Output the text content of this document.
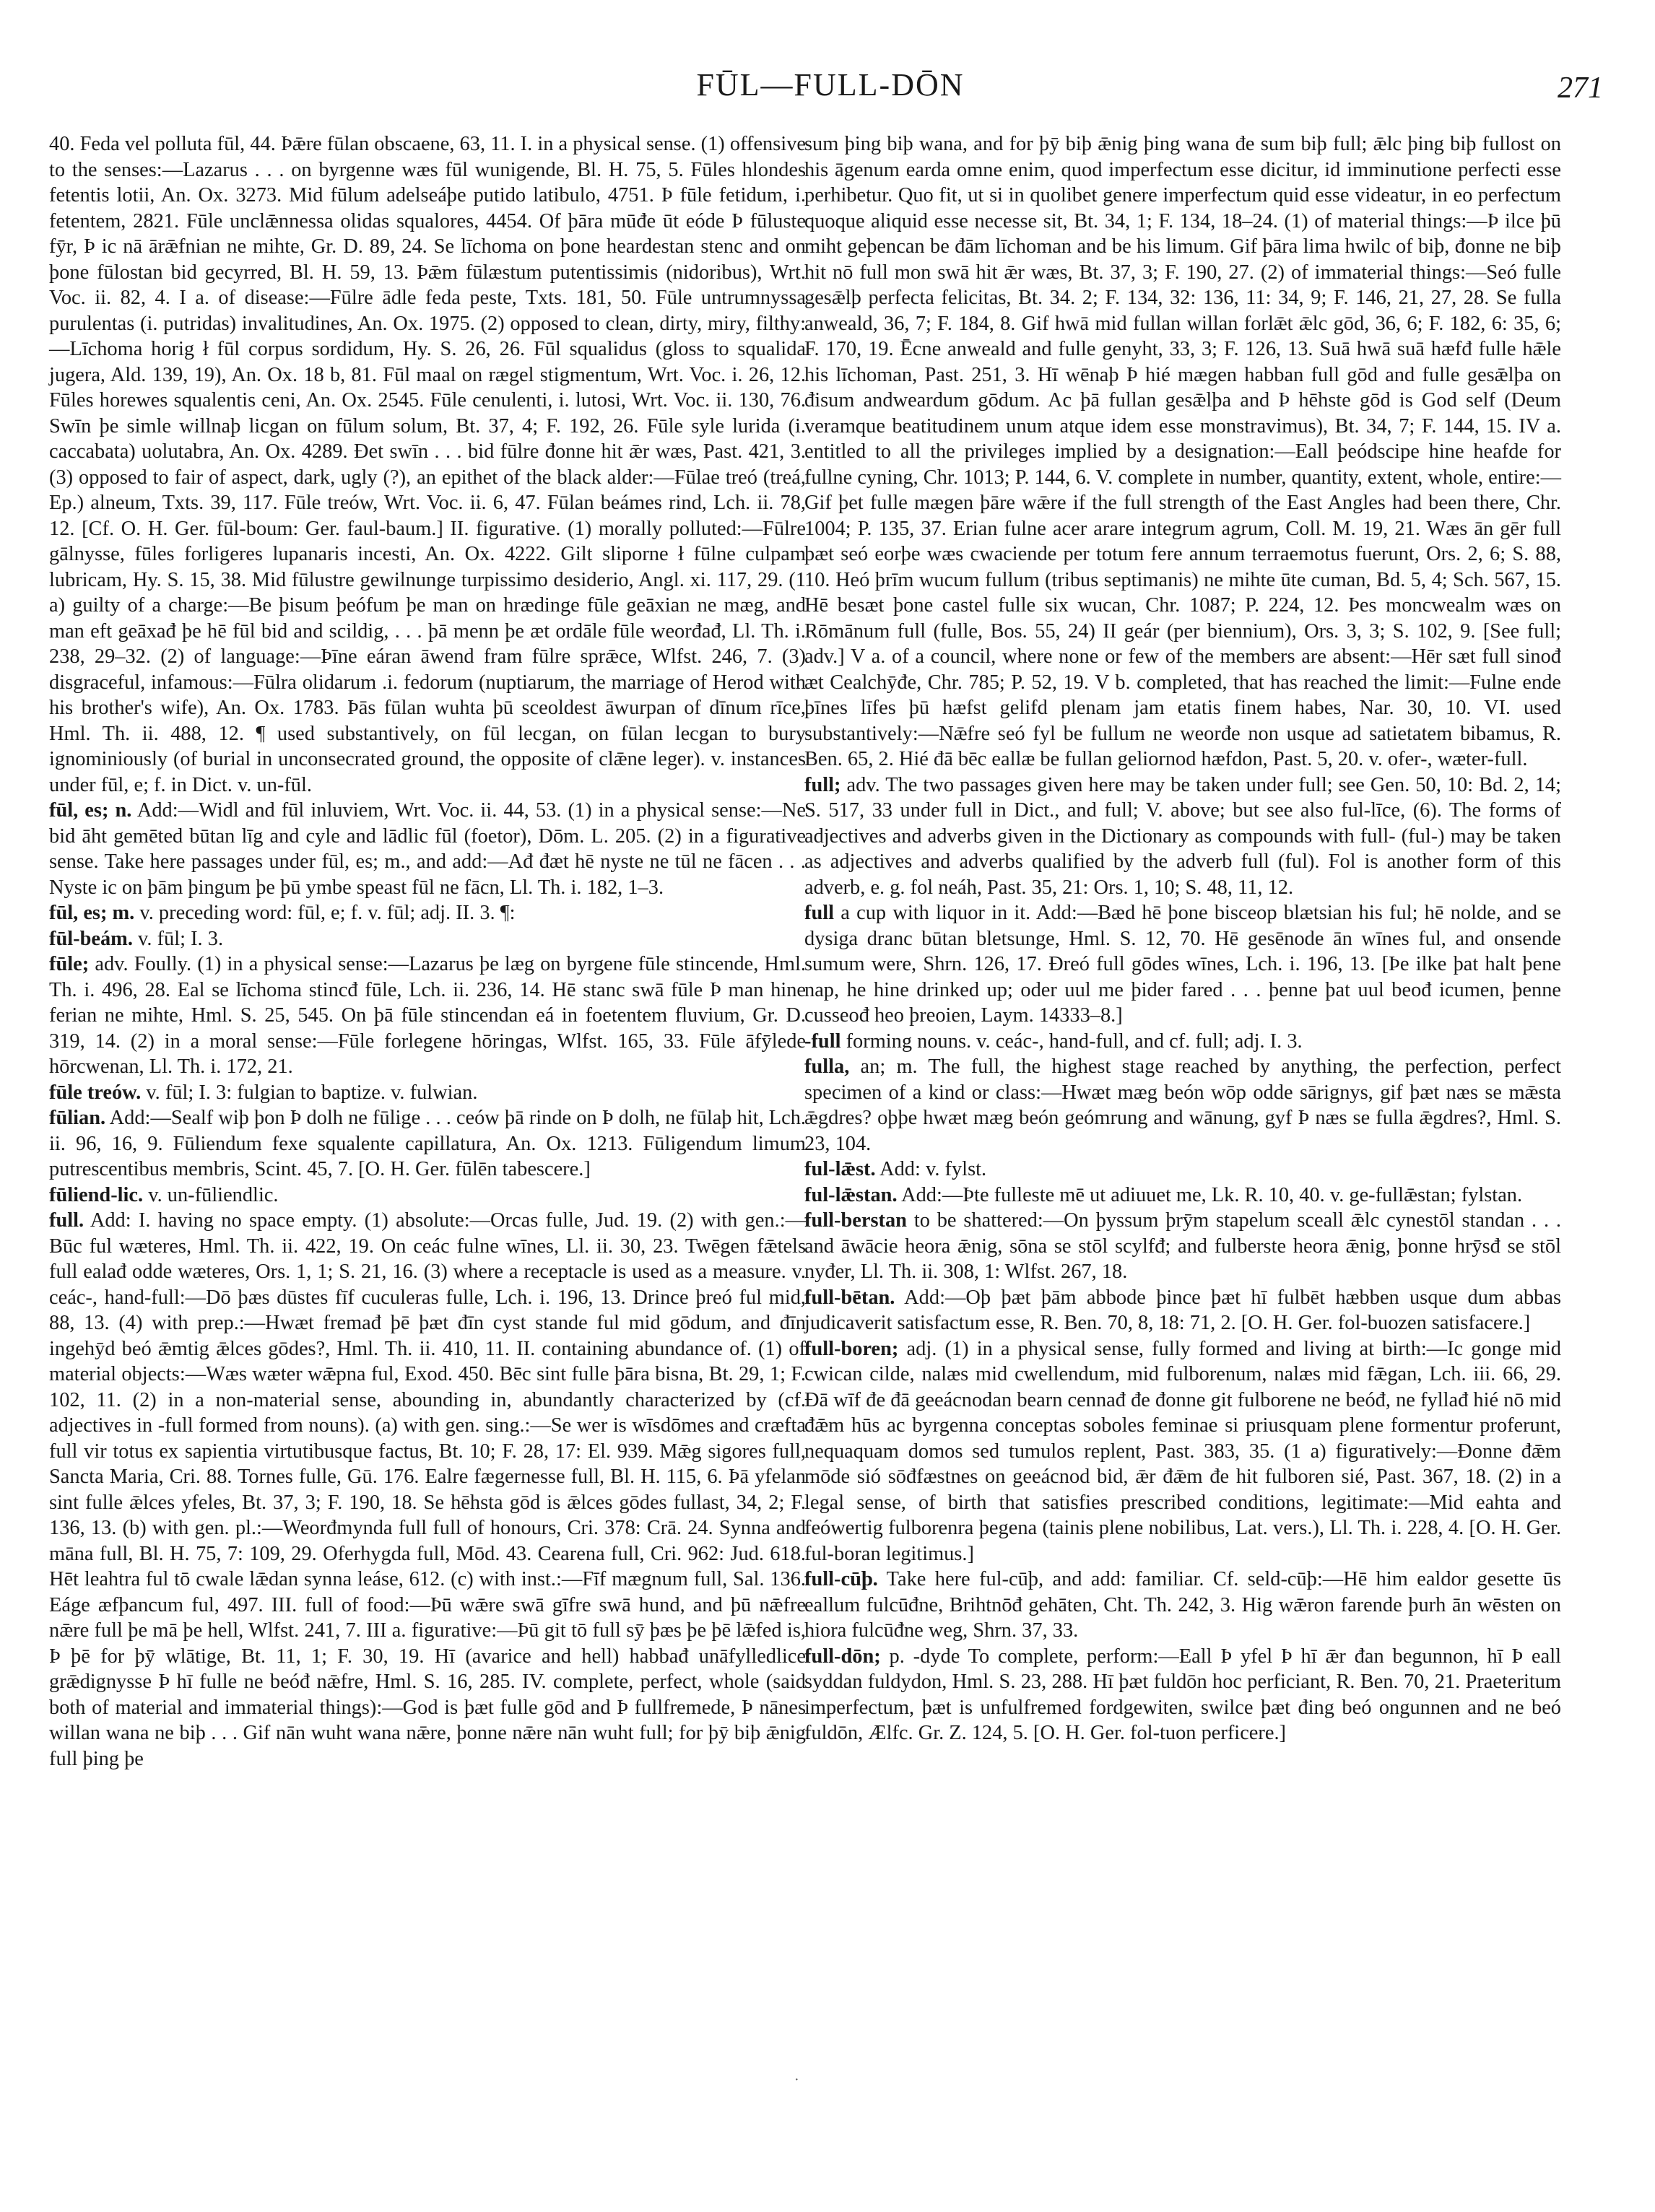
FŪL—FULL-DŌN	271

40. Feda vel polluta fūl, 44. Þǣre fūlan obscaene, 63, 11. I. in a physical sense. (1) offensive to the senses:—Lazarus . . . on byrgenne wæs fūl wunigende, Bl. H. 75, 5. Fūles hlondes fetentis lotii, An. Ox. 3273. Mid fūlum adelseáþe putido latibulo, 4751. Þ fūle fetidum, i. fetentem, 2821. Fūle unclǣnnessa olidas squalores, 4454. Of þāra mūđe ūt eóde Þ fūluste fȳr, Þ ic nā ārǣfnian ne mihte, Gr. D. 89, 24. Se līchoma on þone heardestan stenc and on þone fūlostan bid gecyrred, Bl. H. 59, 13. Þǣm fūlæstum putentissimis (nidoribus), Wrt. Voc. ii. 82, 4. I a. of disease:—Fūlre ādle feda peste, Txts. 181, 50. Fūle untrumnyssa purulentas (i. putridas) invalitudines, An. Ox. 1975. (2) opposed to clean, dirty, miry, filthy:—Līchoma horig ł fūl corpus sordidum, Hy. S. 26, 26. Fūl squalidus (gloss to squalida jugera, Ald. 139, 19), An. Ox. 18 b, 81. Fūl maal on rægel stigmentum, Wrt. Voc. i. 26, 12. Fūles horewes squalentis ceni, An. Ox. 2545. Fūle cenulenti, i. lutosi, Wrt. Voc. ii. 130, 76. Swīn þe simle willnaþ licgan on fūlum solum, Bt. 37, 4; F. 192, 26. Fūle syle lurida (i. caccabata) uolutabra, An. Ox. 4289. Đet swīn . . . bid fūlre đonne hit ǣr wæs, Past. 421, 3. (3) opposed to fair of aspect, dark, ugly (?), an epithet of the black alder:—Fūlae treó (treá, Ep.) alneum, Txts. 39, 117. Fūle treów, Wrt. Voc. ii. 6, 47. Fūlan beámes rind, Lch. ii. 78, 12. [Cf. O. H. Ger. fūl-boum: Ger. faul-baum.] II. figurative. (1) morally polluted:—Fūlre gālnysse, fūles forligeres lupanaris incesti, An. Ox. 4222. Gilt sliporne ł fūlne culpam lubricam, Hy. S. 15, 38. Mid fūlustre gewilnunge turpissimo desiderio, Angl. xi. 117, 29. (1 a) guilty of a charge:—Be þisum þeófum þe man on hrædinge fūle geāxian ne mæg, and man eft geāxađ þe hē fūl bid and scildig, . . . þā menn þe æt ordāle fūle weorđađ, Ll. Th. i. 238, 29–32. (2) of language:—Þīne eáran āwend fram fūlre sprǣce, Wlfst. 246, 7. (3) disgraceful, infamous:—Fūlra olidarum .i. fedorum (nuptiarum, the marriage of Herod with his brother's wife), An. Ox. 1783. Þās fūlan wuhta þū sceoldest āwurpan of dīnum rīce, Hml. Th. ii. 488, 12. ¶ used substantively, on fūl lecgan, on fūlan lecgan to bury ignominiously (of burial in unconsecrated ground, the opposite of clǣne leger). v. instances under fūl, e; f. in Dict. v. un-fūl.

fūl, es; n. Add:—Widl and fūl inluviem, Wrt. Voc. ii. 44, 53. (1) in a physical sense:—Ne bid āht gemēted būtan līg and cyle and lādlic fūl (foetor), Dōm. L. 205. (2) in a figurative sense. Take here passages under fūl, es; m., and add:—Ađ đæt hē nyste ne tūl ne fācen . . . Nyste ic on þām þingum þe þū ymbe speast fūl ne fācn, Ll. Th. i. 182, 1–3.

fūl, es; m. v. preceding word: fūl, e; f. v. fūl; adj. II. 3. ¶:

fūl-beám. v. fūl; I. 3.

fūle; adv. Foully. (1) in a physical sense:—Lazarus þe læg on byrgene fūle stincende, Hml. Th. i. 496, 28. Eal se līchoma stincđ fūle, Lch. ii. 236, 14. Hē stanc swā fūle Þ man hine ferian ne mihte, Hml. S. 25, 545. On þā fūle stincendan eá in foetentem fluvium, Gr. D. 319, 14. (2) in a moral sense:—Fūle forlegene hōringas, Wlfst. 165, 33. Fūle āfȳlede hōrcwenan, Ll. Th. i. 172, 21.

fūle treów. v. fūl; I. 3: fulgian to baptize. v. fulwian.

fūlian. Add:—Sealf wiþ þon Þ dolh ne fūlige . . . ceów þā rinde on Þ dolh, ne fūlaþ hit, Lch. ii. 96, 16, 9. Fūliendum fexe squalente capillatura, An. Ox. 1213. Fūligendum limum putrescentibus membris, Scint. 45, 7. [O. H. Ger. fūlēn tabescere.]

fūliend-lic. v. un-fūliendlic.

full. Add: I. having no space empty. (1) absolute:—Orcas fulle, Jud. 19. (2) with gen.:—Būc ful wæteres, Hml. Th. ii. 422, 19. On ceác fulne wīnes, Ll. ii. 30, 23. Twēgen fǣtels full ealađ odde wæteres, Ors. 1, 1; S. 21, 16. (3) where a receptacle is used as a measure. v. ceác-, hand-full:—Dō þæs dūstes fīf cuculeras fulle, Lch. i. 196, 13. Drince þreó ful mid, 88, 13. (4) with prep.:—Hwæt fremađ þē þæt đīn cyst stande ful mid gōdum, and đīn ingehȳd beó ǣmtig ǣlces gōdes?, Hml. Th. ii. 410, 11. II. containing abundance of. (1) of material objects:—Wæs wæter wǣpna ful, Exod. 450. Bēc sint fulle þāra bisna, Bt. 29, 1; F. 102, 11. (2) in a non-material sense, abounding in, abundantly characterized by (cf. adjectives in -full formed from nouns). (a) with gen. sing.:—Se wer is wīsdōmes and cræfta full vir totus ex sapientia virtutibusque factus, Bt. 10; F. 28, 17: El. 939. Mǣg sigores full, Sancta Maria, Cri. 88. Tornes fulle, Gū. 176. Ealre fægernesse full, Bl. H. 115, 6. Þā yfelan sint fulle ǣlces yfeles, Bt. 37, 3; F. 190, 18. Se hēhsta gōd is ǣlces gōdes fullast, 34, 2; F. 136, 13. (b) with gen. pl.:—Weorđmynda full full of honours, Cri. 378: Crā. 24. Synna and māna full, Bl. H. 75, 7: 109, 29. Oferhygda full, Mōd. 43. Cearena full, Cri. 962: Jud. 618. Hēt leahtra ful tō cwale lǣdan synna leáse, 612. (c) with inst.:—Fīf mægnum full, Sal. 136. Eáge æfþancum ful, 497. III. full of food:—Þū wǣre swā gīfre swā hund, and þū nǣfre nǣre full þe mā þe hell, Wlfst. 241, 7. III a. figurative:—Þū git tō full sȳ þæs þe þē lǣfed is, Þ þē for þȳ wlātige, Bt. 11, 1; F. 30, 19. Hī (avarice and hell) habbađ unāfylledlice grǣdignysse Þ hī fulle ne beóđ nǣfre, Hml. S. 16, 285. IV. complete, perfect, whole (said both of material and immaterial things):—God is þæt fulle gōd and Þ fullfremede, Þ nānes willan wana ne biþ . . . Gif nān wuht wana nǣre, þonne nǣre nān wuht full; for þȳ biþ ǣnig full þing þe

sum þing biþ wana, and for þȳ biþ ǣnig þing wana đe sum biþ full; ǣlc þing biþ fullost on his āgenum earda omne enim, quod imperfectum esse dicitur, id imminutione perfecti esse perhibetur. Quo fit, ut si in quolibet genere imperfectum quid esse videatur, in eo perfectum quoque aliquid esse necesse sit, Bt. 34, 1; F. 134, 18–24. (1) of material things:—Þ ilce þū miht geþencan be đām līchoman and be his limum. Gif þāra lima hwilc of biþ, đonne ne biþ hit nō full mon swā hit ǣr wæs, Bt. 37, 3; F. 190, 27. (2) of immaterial things:—Seó fulle gesǣlþ perfecta felicitas, Bt. 34. 2; F. 134, 32: 136, 11: 34, 9; F. 146, 21, 27, 28. Se fulla anweald, 36, 7; F. 184, 8. Gif hwā mid fullan willan forlǣt ǣlc gōd, 36, 6; F. 182, 6: 35, 6; F. 170, 19. Ēcne anweald and fulle genyht, 33, 3; F. 126, 13. Suā hwā suā hæfđ fulle hǣle his līchoman, Past. 251, 3. Hī wēnaþ Þ hié mægen habban full gōd and fulle gesǣlþa on đisum andweardum gōdum. Ac þā fullan gesǣlþa and Þ hēhste gōd is God self (Deum veramque beatitudinem unum atque idem esse monstravimus), Bt. 34, 7; F. 144, 15. IV a. entitled to all the privileges implied by a designation:—Eall þeódscipe hine heafde for fullne cyning, Chr. 1013; P. 144, 6. V. complete in number, quantity, extent, whole, entire:—Gif þet fulle mægen þāre wǣre if the full strength of the East Angles had been there, Chr. 1004; P. 135, 37. Erian fulne acer arare integrum agrum, Coll. M. 19, 21. Wæs ān gēr full þæt seó eorþe wæs cwaciende per totum fere annum terraemotus fuerunt, Ors. 2, 6; S. 88, 10. Heó þrīm wucum fullum (tribus septimanis) ne mihte ūte cuman, Bd. 5, 4; Sch. 567, 15. Hē besæt þone castel fulle six wucan, Chr. 1087; P. 224, 12. Þes moncwealm wæs on Rōmānum full (fulle, Bos. 55, 24) II geár (per biennium), Ors. 3, 3; S. 102, 9. [See full; adv.] V a. of a council, where none or few of the members are absent:—Hēr sæt full sinođ æt Cealchȳđe, Chr. 785; P. 52, 19. V b. completed, that has reached the limit:—Fulne ende þīnes līfes þū hæfst gelifd plenam jam etatis finem habes, Nar. 30, 10. VI. used substantively:—Nǣfre seó fyl be fullum ne weorđe non usque ad satietatem bibamus, R. Ben. 65, 2. Hié đā bēc eallæ be fullan geliornod hæfdon, Past. 5, 20. v. ofer-, wæter-full.

full; adv. The two passages given here may be taken under full; see Gen. 50, 10: Bd. 2, 14; S. 517, 33 under full in Dict., and full; V. above; but see also ful-līce, (6). The forms of adjectives and adverbs given in the Dictionary as compounds with full- (ful-) may be taken as adjectives and adverbs qualified by the adverb full (ful). Fol is another form of this adverb, e. g. fol neáh, Past. 35, 21: Ors. 1, 10; S. 48, 11, 12.

full a cup with liquor in it. Add:—Bæd hē þone bisceop blætsian his ful; hē nolde, and se dysiga dranc būtan bletsunge, Hml. S. 12, 70. Hē gesēnode ān wīnes ful, and onsende sumum were, Shrn. 126, 17. Đreó full gōdes wīnes, Lch. i. 196, 13. [Þe ilke þat halt þene nap, he hine drinked up; oder uul me þider fared . . . þenne þat uul beođ icumen, þenne cusseođ heo þreoien, Laym. 14333–8.]

-full forming nouns. v. ceác-, hand-full, and cf. full; adj. I. 3.

fulla, an; m. The full, the highest stage reached by anything, the perfection, perfect specimen of a kind or class:—Hwæt mæg beón wōp odde sārignys, gif þæt næs se mǣsta ǣgdres? oþþe hwæt mæg beón geómrung and wānung, gyf Þ næs se fulla ǣgdres?, Hml. S. 23, 104.

ful-lǣst. Add: v. fylst.

ful-lǣstan. Add:—Þte fulleste mē ut adiuuet me, Lk. R. 10, 40. v. ge-fullǣstan; fylstan.

full-berstan to be shattered:—On þyssum þrȳm stapelum sceall ǣlc cynestōl standan . . . and āwācie heora ǣnig, sōna se stōl scylfđ; and fulberste heora ǣnig, þonne hrȳsđ se stōl nyđer, Ll. Th. ii. 308, 1: Wlfst. 267, 18.

full-bētan. Add:—Oþ þæt þām abbode þince þæt hī fulbēt hæbben usque dum abbas judicaverit satisfactum esse, R. Ben. 70, 8, 18: 71, 2. [O. H. Ger. fol-buozen satisfacere.]

full-boren; adj. (1) in a physical sense, fully formed and living at birth:—Ic gonge mid cwican cilde, nalæs mid cwellendum, mid fulborenum, nalæs mid fǣgan, Lch. iii. 66, 29. Đā wīf đe đā geeácnodan bearn cennađ đe đonne git fulborene ne beóđ, ne fyllađ hié nō mid đǣm hūs ac byrgenna conceptas soboles feminae si priusquam plene formentur proferunt, nequaquam domos sed tumulos replent, Past. 383, 35. (1 a) figuratively:—Đonne đǣm mōde sió sōđfæstnes on geeácnod bid, ǣr đǣm đe hit fulboren sié, Past. 367, 18. (2) in a legal sense, of birth that satisfies prescribed conditions, legitimate:—Mid eahta and feówertig fulborenra þegena (tainis plene nobilibus, Lat. vers.), Ll. Th. i. 228, 4. [O. H. Ger. ful-boran legitimus.]

full-cūþ. Take here ful-cūþ, and add: familiar. Cf. seld-cūþ:—Hē him ealdor gesette ūs eallum fulcūđne, Brihtnōđ gehāten, Cht. Th. 242, 3. Hig wǣron farende þurh ān wēsten on hiora fulcūđne weg, Shrn. 37, 33.

full-dōn; p. -dyde To complete, perform:—Eall Þ yfel Þ hī ǣr đan begunnon, hī Þ eall syddan fuldydon, Hml. S. 23, 288. Hī þæt fuldōn hoc perficiant, R. Ben. 70, 21. Praeteritum imperfectum, þæt is unfulfremed fordgewiten, swilce þæt đing beó ongunnen and ne beó fuldōn, Ælfc. Gr. Z. 124, 5. [O. H. Ger. fol-tuon perficere.]

·
